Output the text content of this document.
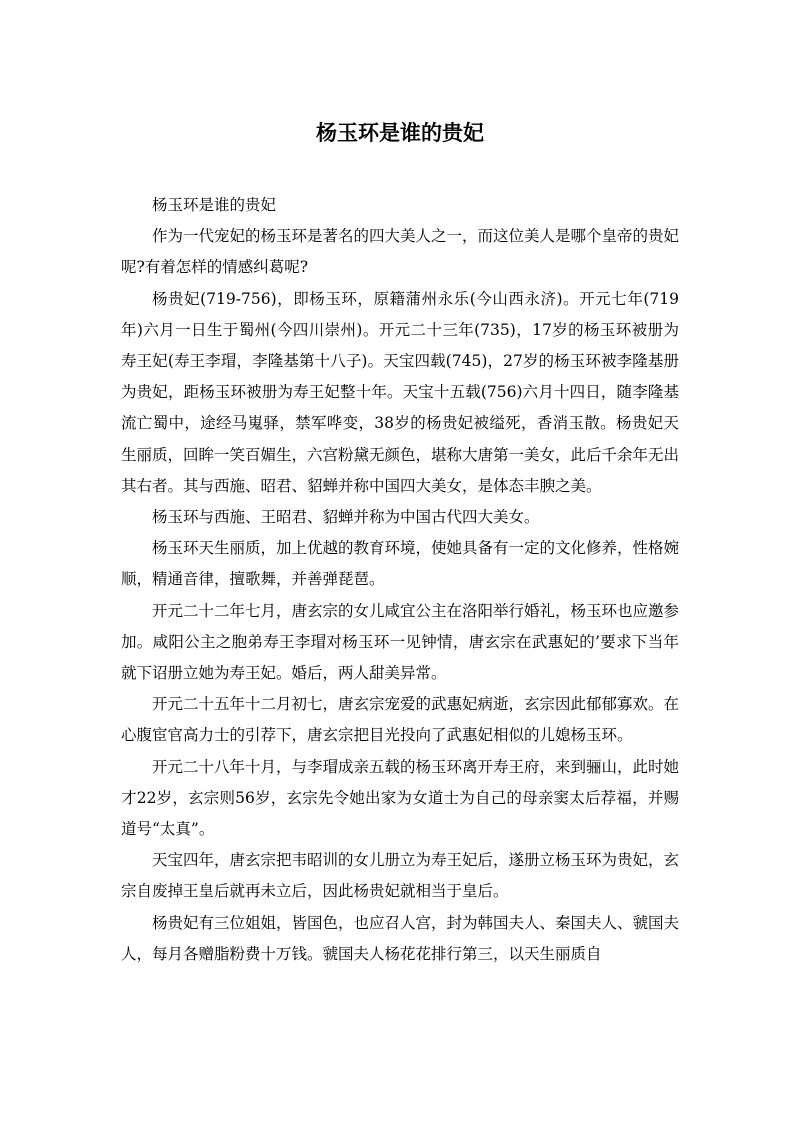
杨玉环是谁的贵妃

杨玉环是谁的贵妃

作为一代宠妃的杨玉环是著名的四大美人之一，而这位美人是哪个皇帝的贵妃呢?有着怎样的情感纠葛呢?

杨贵妃(719-756)，即杨玉环，原籍蒲州永乐(今山西永济)。开元七年(719年)六月一日生于蜀州(今四川崇州)。开元二十三年(735)，17岁的杨玉环被册为寿王妃(寿王李瑁，李隆基第十八子)。天宝四载(745)，27岁的杨玉环被李隆基册为贵妃，距杨玉环被册为寿王妃整十年。天宝十五载(756)六月十四日，随李隆基流亡蜀中，途经马嵬驿，禁军哗变，38岁的杨贵妃被缢死，香消玉散。杨贵妃天生丽质，回眸一笑百媚生，六宫粉黛无颜色，堪称大唐第一美女，此后千余年无出其右者。其与西施、昭君、貂蝉并称中国四大美女，是体态丰腴之美。

杨玉环与西施、王昭君、貂蝉并称为中国古代四大美女。

杨玉环天生丽质，加上优越的教育环境，使她具备有一定的文化修养，性格婉顺，精通音律，擅歌舞，并善弹琵琶。

开元二十二年七月，唐玄宗的女儿咸宜公主在洛阳举行婚礼，杨玉环也应邀参加。咸阳公主之胞弟寿王李瑁对杨玉环一见钟情，唐玄宗在武惠妃的’要求下当年就下诏册立她为寿王妃。婚后，两人甜美异常。

开元二十五年十二月初七，唐玄宗宠爱的武惠妃病逝，玄宗因此郁郁寡欢。在心腹宦官高力士的引荐下，唐玄宗把目光投向了武惠妃相似的儿媳杨玉环。

开元二十八年十月，与李瑁成亲五载的杨玉环离开寿王府，来到骊山，此时她才22岁，玄宗则56岁，玄宗先令她出家为女道士为自己的母亲窦太后荐福，并赐道号“太真”。

天宝四年，唐玄宗把韦昭训的女儿册立为寿王妃后，遂册立杨玉环为贵妃，玄宗自废掉王皇后就再未立后，因此杨贵妃就相当于皇后。

杨贵妃有三位姐姐，皆国色，也应召人宫，封为韩国夫人、秦国夫人、虢国夫人，每月各赠脂粉费十万钱。虢国夫人杨花花排行第三，以天生丽质自
